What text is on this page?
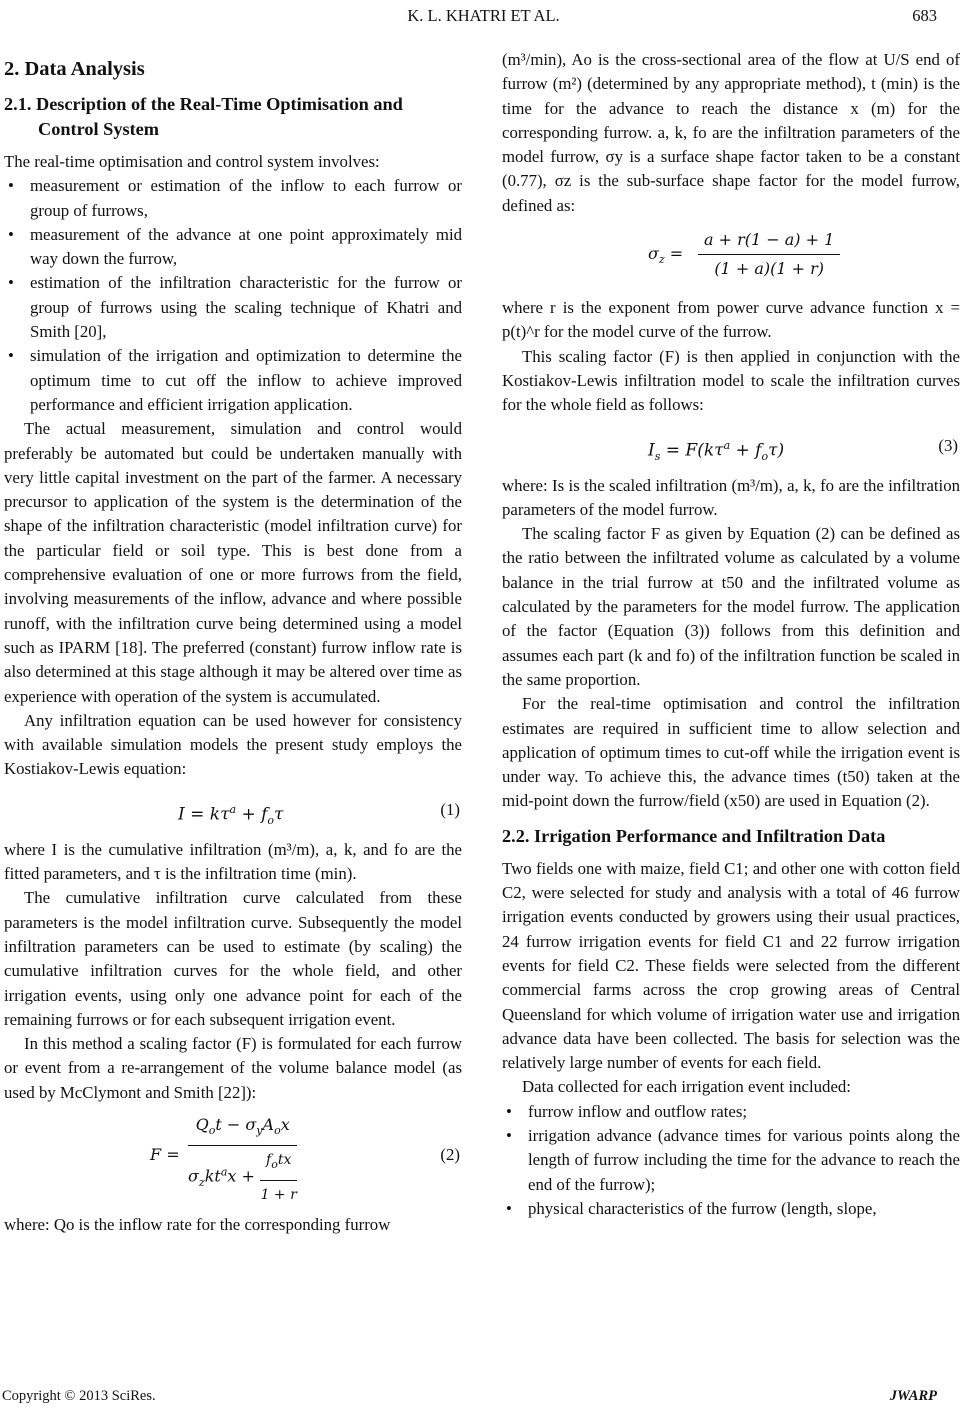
K. L. KHATRI ET AL.	683
2. Data Analysis
2.1. Description of the Real-Time Optimisation and Control System

The real-time optimisation and control system involves:

• measurement or estimation of the inflow to each furrow or group of furrows,
• measurement of the advance at one point approximately mid way down the furrow,
• estimation of the infiltration characteristic for the furrow or group of furrows using the scaling technique of Khatri and Smith [20],
• simulation of the irrigation and optimization to determine the optimum time to cut off the inflow to achieve improved performance and efficient irrigation application.

The actual measurement, simulation and control would preferably be automated but could be undertaken manually with very little capital investment on the part of the farmer. A necessary precursor to application of the system is the determination of the shape of the infiltration characteristic (model infiltration curve) for the particular field or soil type. This is best done from a comprehensive evaluation of one or more furrows from the field, involving measurements of the inflow, advance and where possible runoff, with the infiltration curve being determined using a model such as IPARM [18]. The preferred (constant) furrow inflow rate is also determined at this stage although it may be altered over time as experience with operation of the system is accumulated.

Any infiltration equation can be used however for consistency with available simulation models the present study employs the Kostiakov-Lewis equation:

$I = k\tau^a + f_o\tau$	(1)

where I is the cumulative infiltration (m³/m), a, k, and fo are the fitted parameters, and τ is the infiltration time (min).

The cumulative infiltration curve calculated from these parameters is the model infiltration curve. Subsequently the model infiltration parameters can be used to estimate (by scaling) the cumulative infiltration curves for the whole field, and other irrigation events, using only one advance point for each of the remaining furrows or for each subsequent irrigation event.

In this method a scaling factor (F) is formulated for each furrow or event from a re-arrangement of the volume balance model (as used by McClymont and Smith [22]):

F =
$Q_ot - \sigma_yA_ox$
$\sigma_zkt^ax + \frac{f_otx}{1 + r}$	(2)

where: Qo is the inflow rate for the corresponding furrow

(m³/min), Ao is the cross-sectional area of the flow at U/S end of furrow (m²) (determined by any appropriate method), t (min) is the time for the advance to reach the distance x (m) for the corresponding furrow. a, k, fo are the infiltration parameters of the model furrow, σy is a surface shape factor taken to be a constant (0.77), σz is the sub-surface shape factor for the model furrow, defined as:

$\sigma_z = \frac{a + r(1 - a) + 1}{(1 + a)(1 + r)}$

where r is the exponent from power curve advance function x = p(t)^r for the model curve of the furrow.

This scaling factor (F) is then applied in conjunction with the Kostiakov-Lewis infiltration model to scale the infiltration curves for the whole field as follows:

$I_s = F(k\tau^a + f_o\tau)$	(3)

where: Is is the scaled infiltration (m³/m), a, k, fo are the infiltration parameters of the model furrow.

The scaling factor F as given by Equation (2) can be defined as the ratio between the infiltrated volume as calculated by a volume balance in the trial furrow at t50 and the infiltrated volume as calculated by the parameters for the model furrow. The application of the factor (Equation (3)) follows from this definition and assumes each part (k and fo) of the infiltration function be scaled in the same proportion.

For the real-time optimisation and control the infiltration estimates are required in sufficient time to allow selection and application of optimum times to cut-off while the irrigation event is under way. To achieve this, the advance times (t50) taken at the mid-point down the furrow/field (x50) are used in Equation (2).

2.2. Irrigation Performance and Infiltration Data

Two fields one with maize, field C1; and other one with cotton field C2, were selected for study and analysis with a total of 46 furrow irrigation events conducted by growers using their usual practices, 24 furrow irrigation events for field C1 and 22 furrow irrigation events for field C2. These fields were selected from the different commercial farms across the crop growing areas of Central Queensland for which volume of irrigation water use and irrigation advance data have been collected. The basis for selection was the relatively large number of events for each field.

Data collected for each irrigation event included:

• furrow inflow and outflow rates;
• irrigation advance (advance times for various points along the length of furrow including the time for the advance to reach the end of the furrow);
• physical characteristics of the furrow (length, slope,
Copyright © 2013 SciRes.	JWARP
